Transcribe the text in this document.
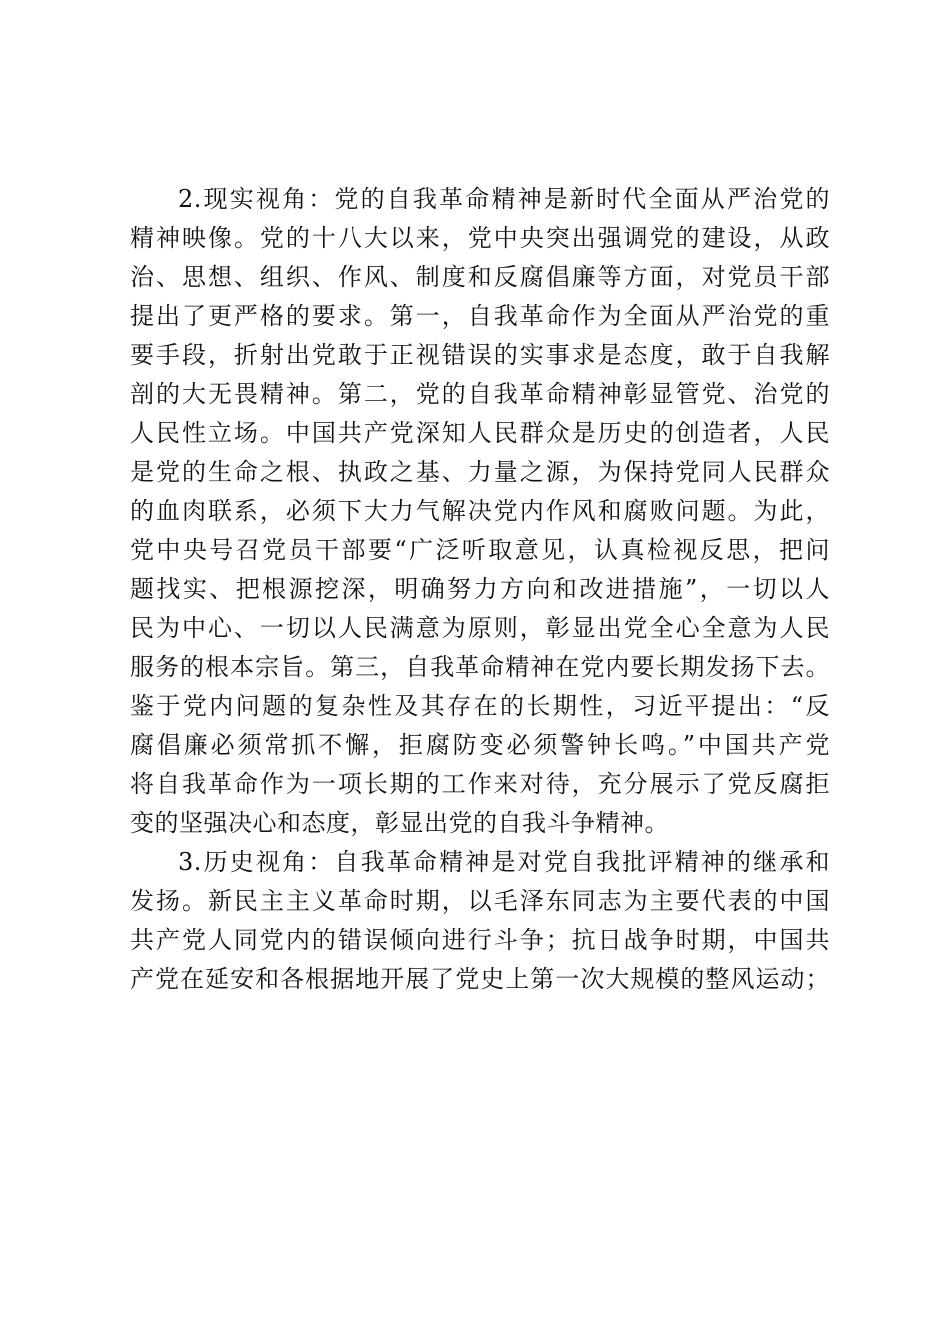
2.现实视角：党的自我革命精神是新时代全面从严治党的
精神映像。党的十八大以来，党中央突出强调党的建设，从政
治、思想、组织、作风、制度和反腐倡廉等方面，对党员干部
提出了更严格的要求。第一，自我革命作为全面从严治党的重
要手段，折射出党敢于正视错误的实事求是态度，敢于自我解
剖的大无畏精神。第二，党的自我革命精神彰显管党、治党的
人民性立场。中国共产党深知人民群众是历史的创造者，人民
是党的生命之根、执政之基、力量之源，为保持党同人民群众
的血肉联系，必须下大力气解决党内作风和腐败问题。为此，
党中央号召党员干部要“广泛听取意见，认真检视反思，把问
题找实、把根源挖深，明确努力方向和改进措施”，一切以人
民为中心、一切以人民满意为原则，彰显出党全心全意为人民
服务的根本宗旨。第三，自我革命精神在党内要长期发扬下去。
鉴于党内问题的复杂性及其存在的长期性，习近平提出：“反
腐倡廉必须常抓不懈，拒腐防变必须警钟长鸣。”中国共产党
将自我革命作为一项长期的工作来对待，充分展示了党反腐拒
变的坚强决心和态度，彰显出党的自我斗争精神。
3.历史视角：自我革命精神是对党自我批评精神的继承和
发扬。新民主主义革命时期，以毛泽东同志为主要代表的中国
共产党人同党内的错误倾向进行斗争；抗日战争时期，中国共
产党在延安和各根据地开展了党史上第一次大规模的整风运动；
